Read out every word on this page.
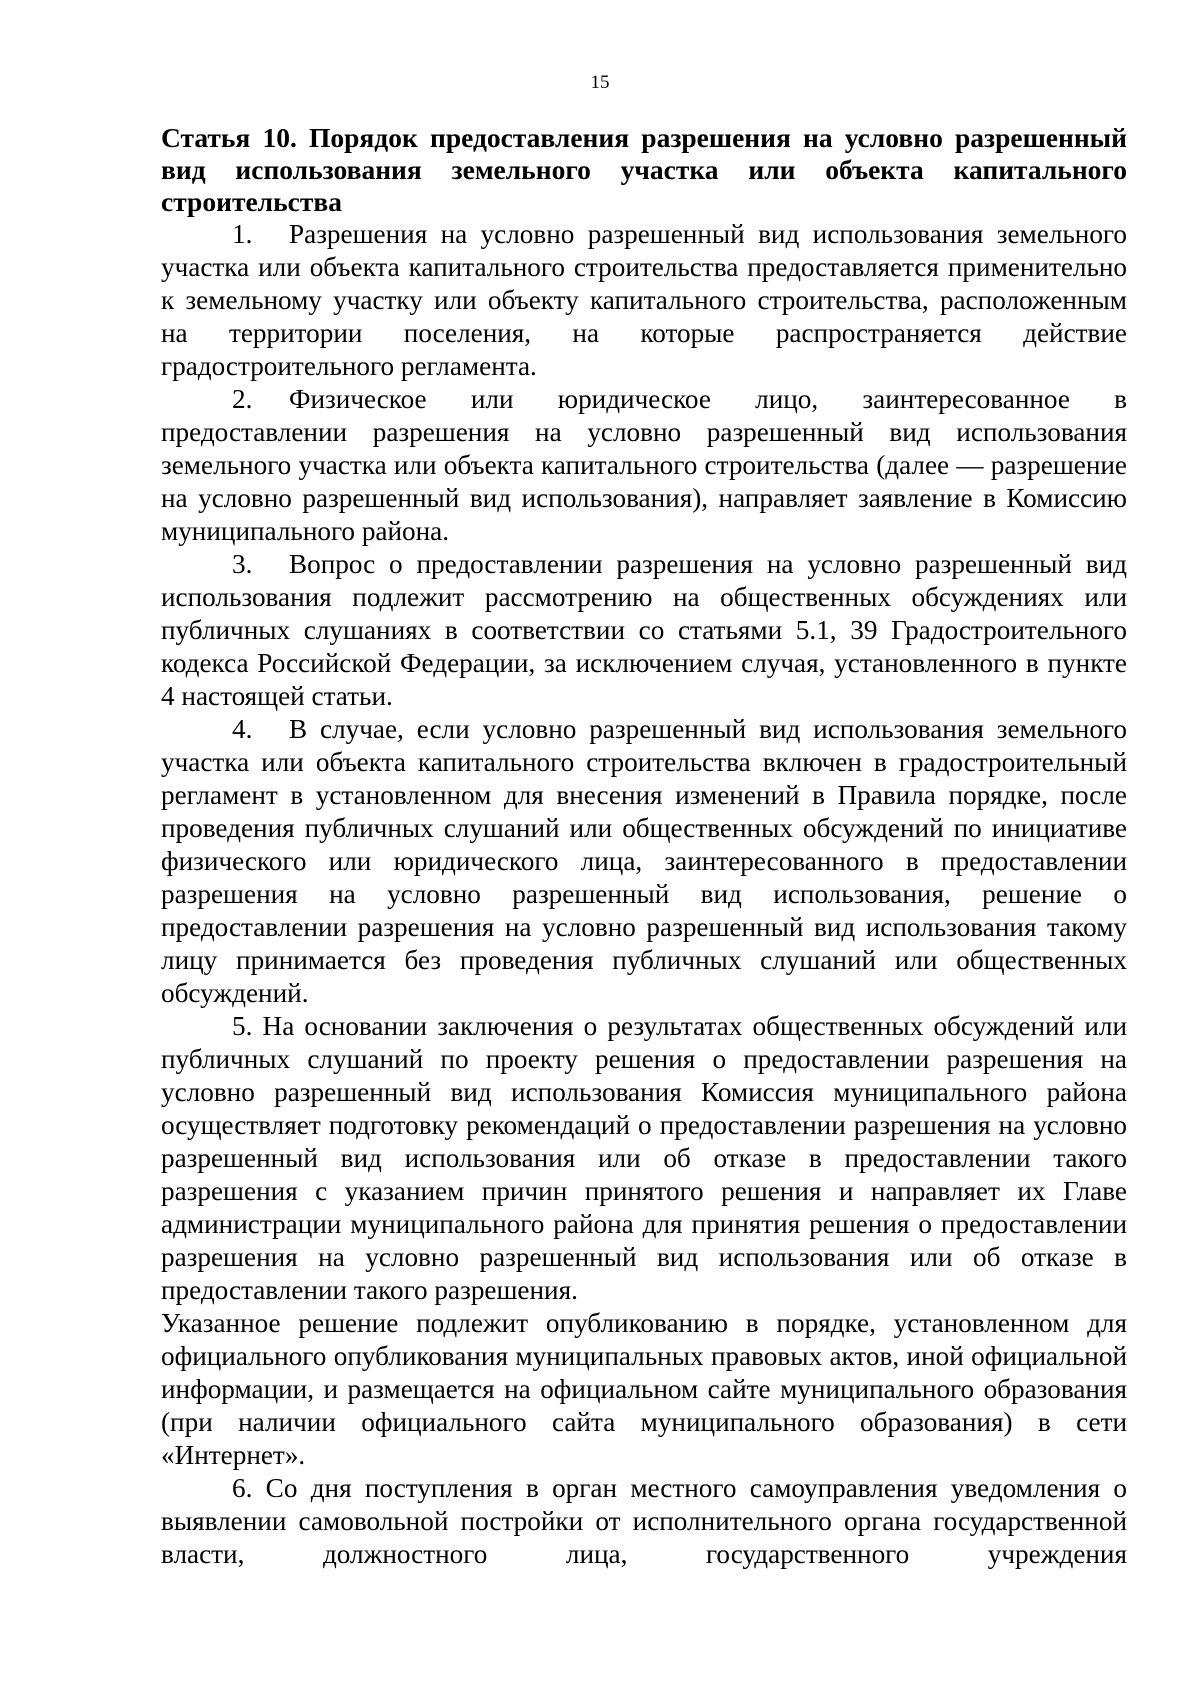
15

Статья 10. Порядок предоставления разрешения на условно разрешенный вид использования земельного участка или объекта капитального строительства

1. Разрешения на условно разрешенный вид использования земельного участка или объекта капитального строительства предоставляется применительно к земельному участку или объекту капитального строительства, расположенным на территории поселения, на которые распространяется действие градостроительного регламента.

2. Физическое или юридическое лицо, заинтересованное в предоставлении разрешения на условно разрешенный вид использования земельного участка или объекта капитального строительства (далее — разрешение на условно разрешенный вид использования), направляет заявление в Комиссию муниципального района.

3. Вопрос о предоставлении разрешения на условно разрешенный вид использования подлежит рассмотрению на общественных обсуждениях или публичных слушаниях в соответствии со статьями 5.1, 39 Градостроительного кодекса Российской Федерации, за исключением случая, установленного в пункте 4 настоящей статьи.

4. В случае, если условно разрешенный вид использования земельного участка или объекта капитального строительства включен в градостроительный регламент в установленном для внесения изменений в Правила порядке, после проведения публичных слушаний или общественных обсуждений по инициативе физического или юридического лица, заинтересованного в предоставлении разрешения на условно разрешенный вид использования, решение о предоставлении разрешения на условно разрешенный вид использования такому лицу принимается без проведения публичных слушаний или общественных обсуждений.

5. На основании заключения о результатах общественных обсуждений или публичных слушаний по проекту решения о предоставлении разрешения на условно разрешенный вид использования Комиссия муниципального района осуществляет подготовку рекомендаций о предоставлении разрешения на условно разрешенный вид использования или об отказе в предоставлении такого разрешения с указанием причин принятого решения и направляет их Главе администрации муниципального района для принятия решения о предоставлении разрешения на условно разрешенный вид использования или об отказе в предоставлении такого разрешения.

Указанное решение подлежит опубликованию в порядке, установленном для официального опубликования муниципальных правовых актов, иной официальной информации, и размещается на официальном сайте муниципального образования (при наличии официального сайта муниципального образования) в сети «Интернет».

6. Со дня поступления в орган местного самоуправления уведомления о выявлении самовольной постройки от исполнительного органа государственной власти, должностного лица, государственного учреждения
